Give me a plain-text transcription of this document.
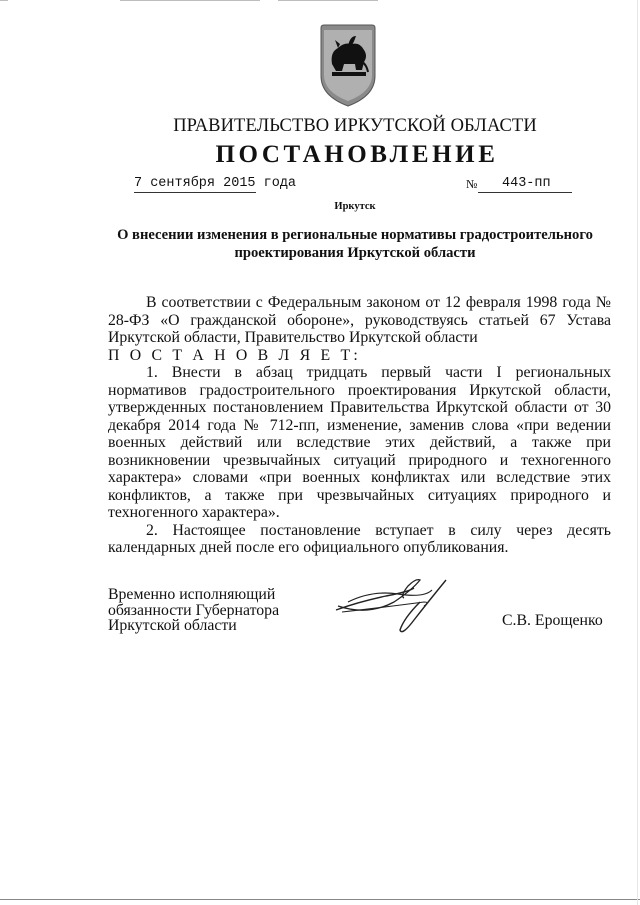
ПРАВИТЕЛЬСТВО ИРКУТСКОЙ ОБЛАСТИ
ПОСТАНОВЛЕНИЕ
7 сентября 2015 года	№ 443-пп
Иркутск
О внесении изменения в региональные нормативы градостроительного
проектирования Иркутской области

В соответствии с Федеральным законом от 12 февраля 1998 года № 28-ФЗ «О гражданской обороне», руководствуясь статьей 67 Устава Иркутской области, Правительство Иркутской области

П О С Т А Н О В Л Я Е Т:

1. Внести в абзац тридцать первый части I региональных нормативов градостроительного проектирования Иркутской области, утвержденных постановлением Правительства Иркутской области от 30 декабря 2014 года № 712-пп, изменение, заменив слова «при ведении военных действий или вследствие этих действий, а также при возникновении чрезвычайных ситуаций природного и техногенного характера» словами «при военных конфликтах или вследствие этих конфликтов, а также при чрезвычайных ситуациях природного и техногенного характера».

2. Настоящее постановление вступает в силу через десять календарных дней после его официального опубликования.

Временно исполняющий
обязанности Губернатора
Иркутской области	С.В. Ерощенко
